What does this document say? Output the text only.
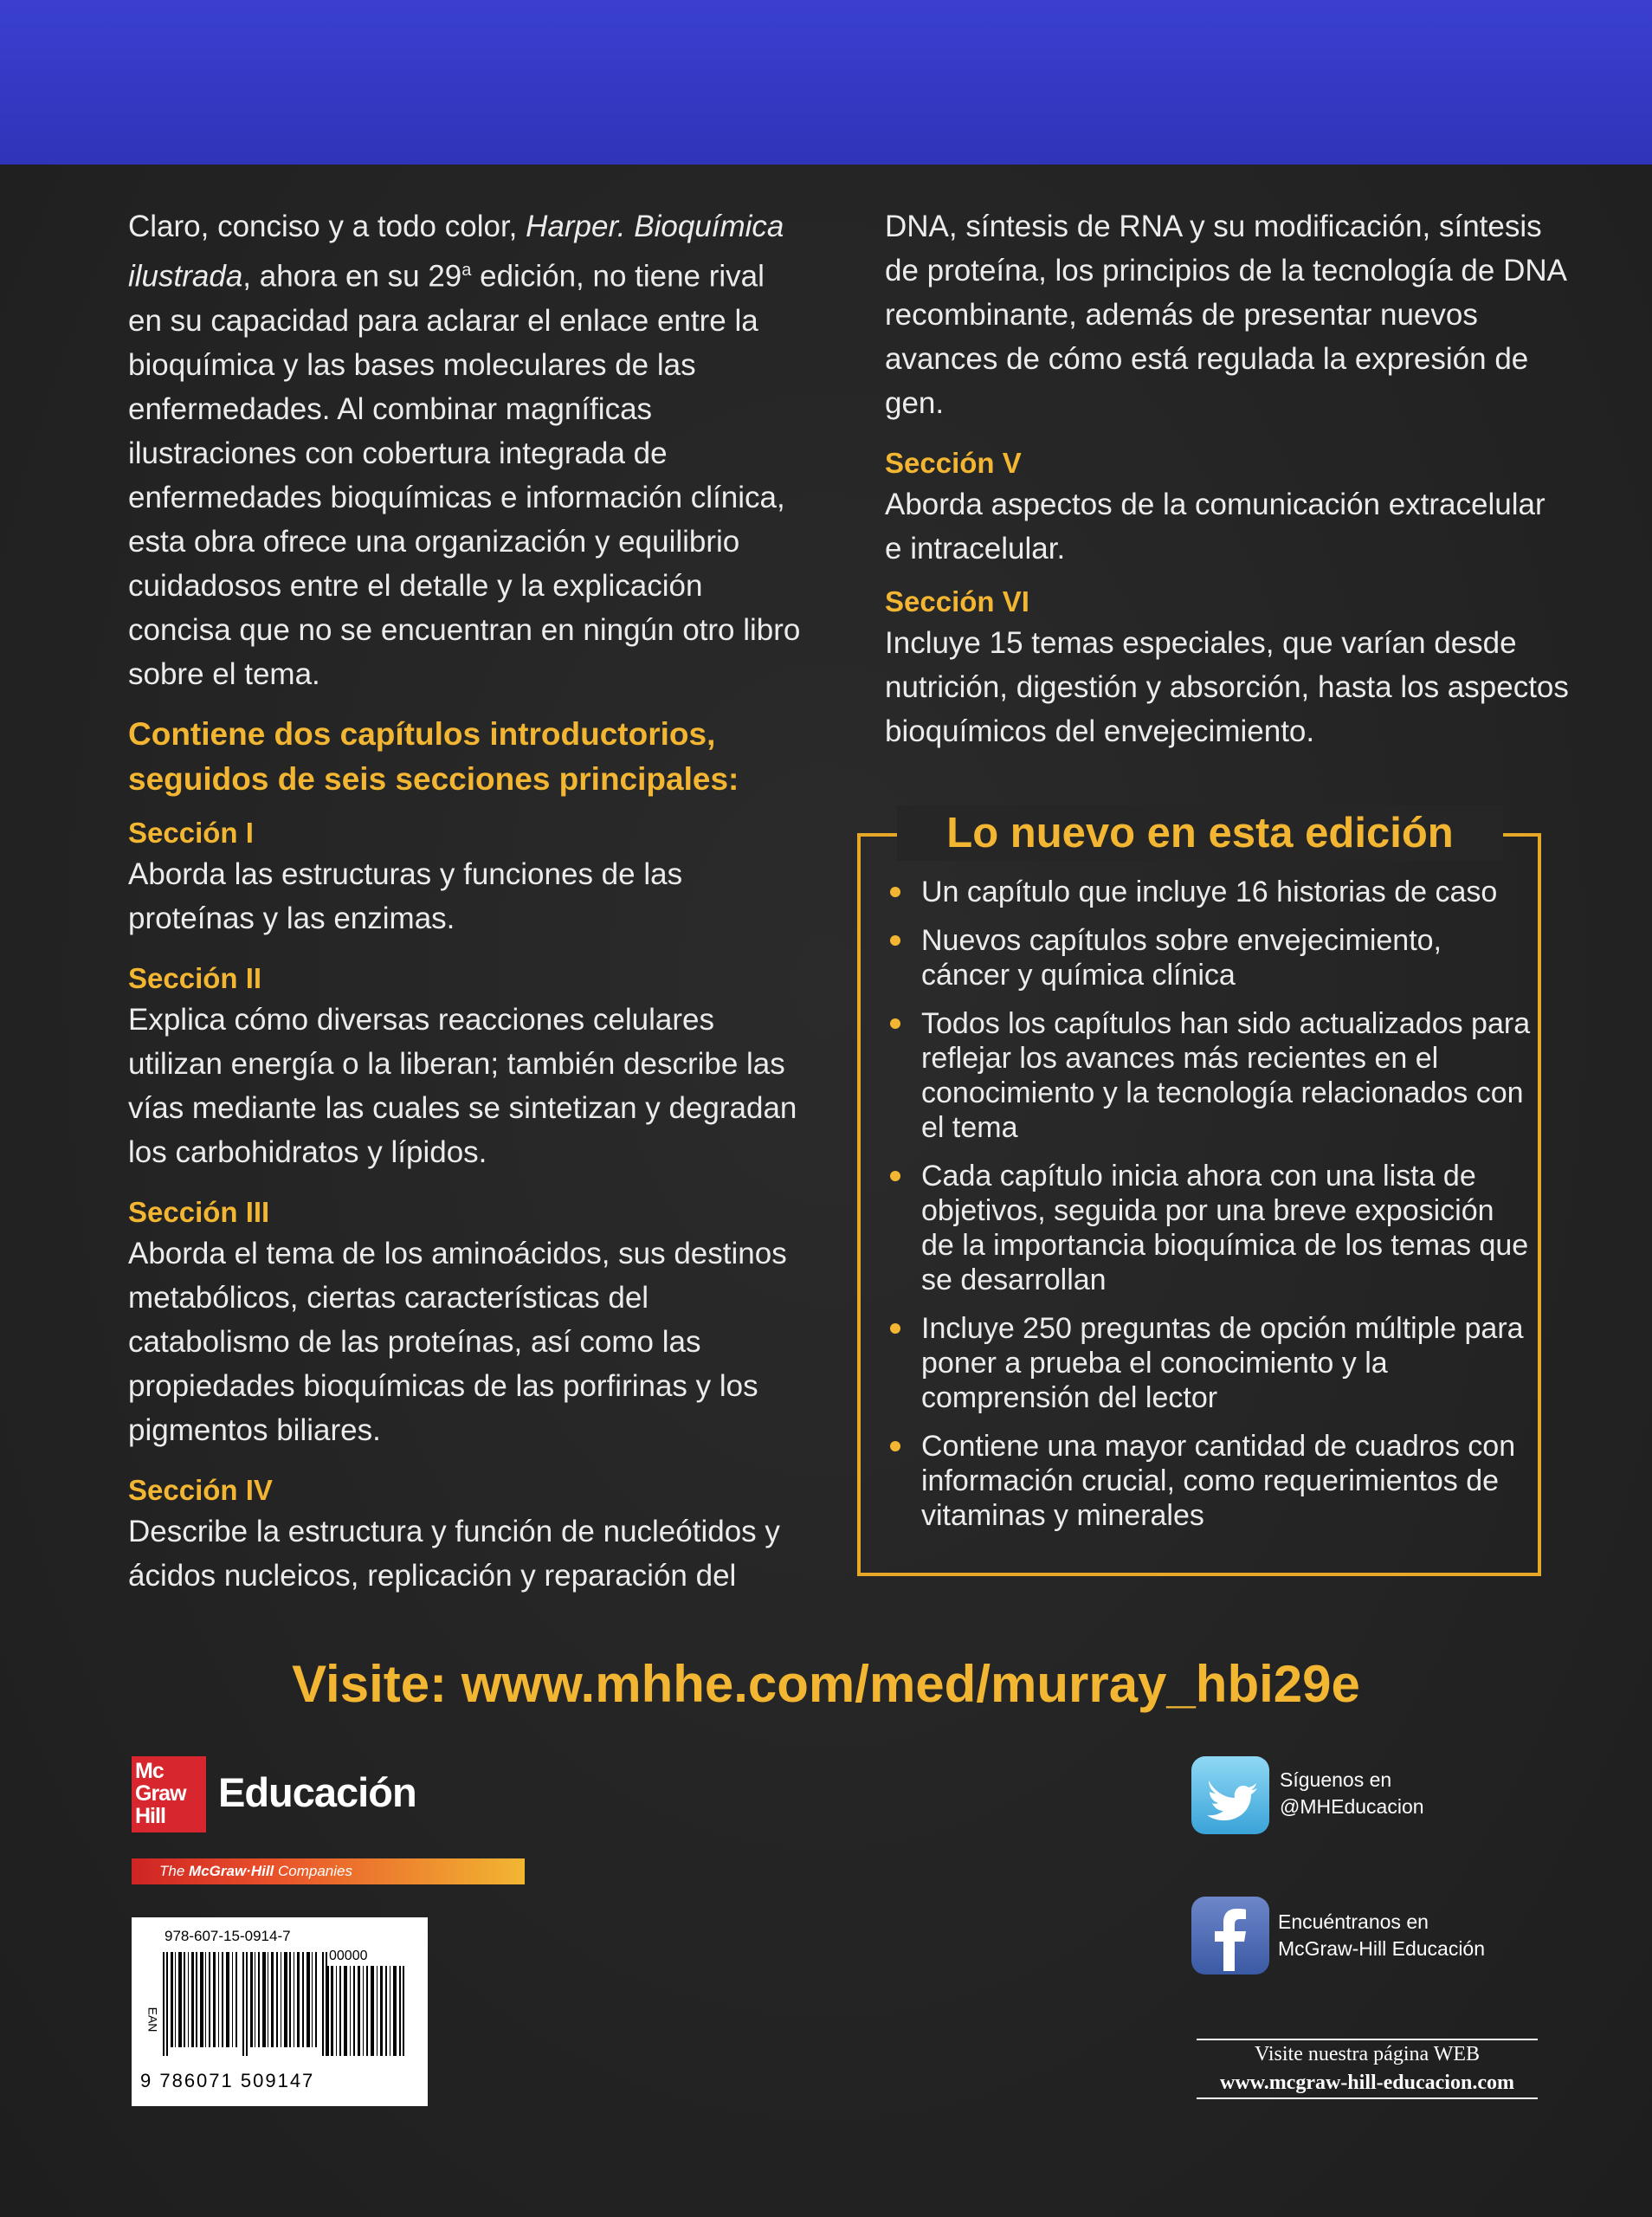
Claro, conciso y a todo color, Harper. Bioquímica ilustrada, ahora en su 29$^a$ edición, no tiene rival en su capacidad para aclarar el enlace entre la bioquímica y las bases moleculares de las enfermedades. Al combinar magníficas ilustraciones con cobertura integrada de enfermedades bioquímicas e información clínica, esta obra ofrece una organización y equilibrio cuidadosos entre el detalle y la explicación concisa que no se encuentran en ningún otro libro sobre el tema.

Contiene dos capítulos introductorios, seguidos de seis secciones principales:
Sección I

Aborda las estructuras y funciones de las proteínas y las enzimas.

Sección II

Explica cómo diversas reacciones celulares utilizan energía o la liberan; también describe las vías mediante las cuales se sintetizan y degradan los carbohidratos y lípidos.

Sección III

Aborda el tema de los aminoácidos, sus destinos metabólicos, ciertas características del catabolismo de las proteínas, así como las propiedades bioquímicas de las porfirinas y los pigmentos biliares.

Sección IV

Describe la estructura y función de nucleótidos y ácidos nucleicos, replicación y reparación del

DNA, síntesis de RNA y su modificación, síntesis de proteína, los principios de la tecnología de DNA recombinante, además de presentar nuevos avances de cómo está regulada la expresión de gen.

Sección V

Aborda aspectos de la comunicación extracelular e intracelular.

Sección VI

Incluye 15 temas especiales, que varían desde nutrición, digestión y absorción, hasta los aspectos bioquímicos del envejecimiento.

Lo nuevo en esta edición
Un capítulo que incluye 16 historias de caso
Nuevos capítulos sobre envejecimiento, cáncer y química clínica
Todos los capítulos han sido actualizados para reflejar los avances más recientes en el conocimiento y la tecnología relacionados con el tema
Cada capítulo inicia ahora con una lista de objetivos, seguida por una breve exposición de la importancia bioquímica de los temas que se desarrollan
Incluye 250 preguntas de opción múltiple para poner a prueba el conocimiento y la comprensión del lector
Contiene una mayor cantidad de cuadros con información crucial, como requerimientos de vitaminas y minerales
Visite: www.mhhe.com/med/murray_hbi29e
Mc
Graw
Hill
Educación
The McGraw·Hill Companies
978-607-15-0914-7
00000
EAN
9 786071 509147
Síguenos en
@MHEducacion
Encuéntranos en
McGraw-Hill Educación
Visite nuestra página WEB
www.mcgraw-hill-educacion.com
